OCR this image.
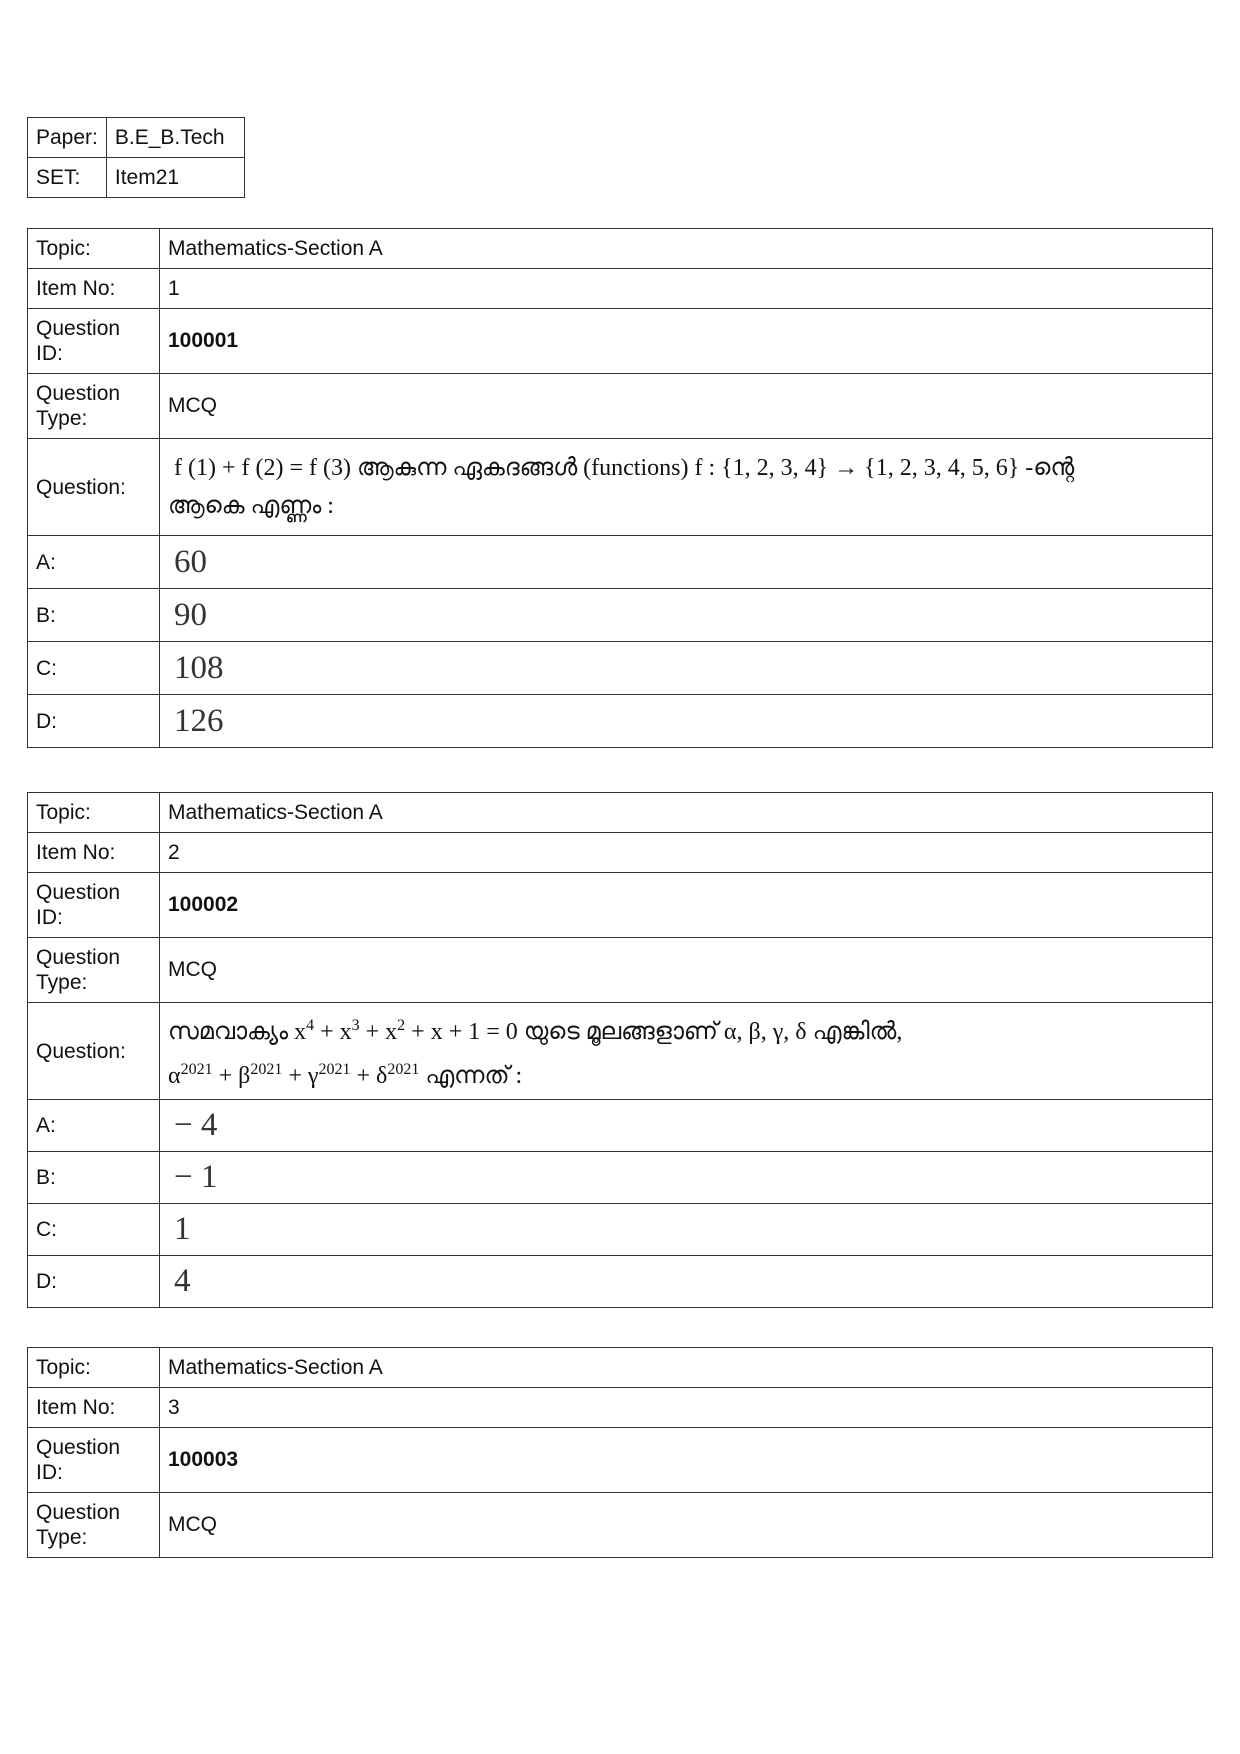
Paper:	B.E_B.Tech
SET:	Item21
Topic:	Mathematics-Section A
Item No:	1
Question ID:	100001
Question Type:	MCQ
Question:	f (1) + f (2) = f (3) ആകുന്ന ഏകദങ്ങൾ (functions) f : {1, 2, 3, 4} → {1, 2, 3, 4, 5, 6} -ന്റെ
ആകെ എണ്ണം :

A:	60
B:	90
C:	108
D:	126
Topic:	Mathematics-Section A
Item No:	2
Question ID:	100002
Question Type:	MCQ
Question:	സമവാക്യം $x^4 + x^3 + x^2 + x + 1 = 0$ യുടെ മൂലങ്ങളാണ് α, β, γ, δ എങ്കിൽ,
$\alpha^{2021} + \beta^{2021} + \gamma^{2021} + \delta^{2021}$ എന്നത് :

A:	− 4
B:	− 1
C:	1
D:	4
Topic:	Mathematics-Section A
Item No:	3
Question ID:	100003
Question Type:	MCQ
